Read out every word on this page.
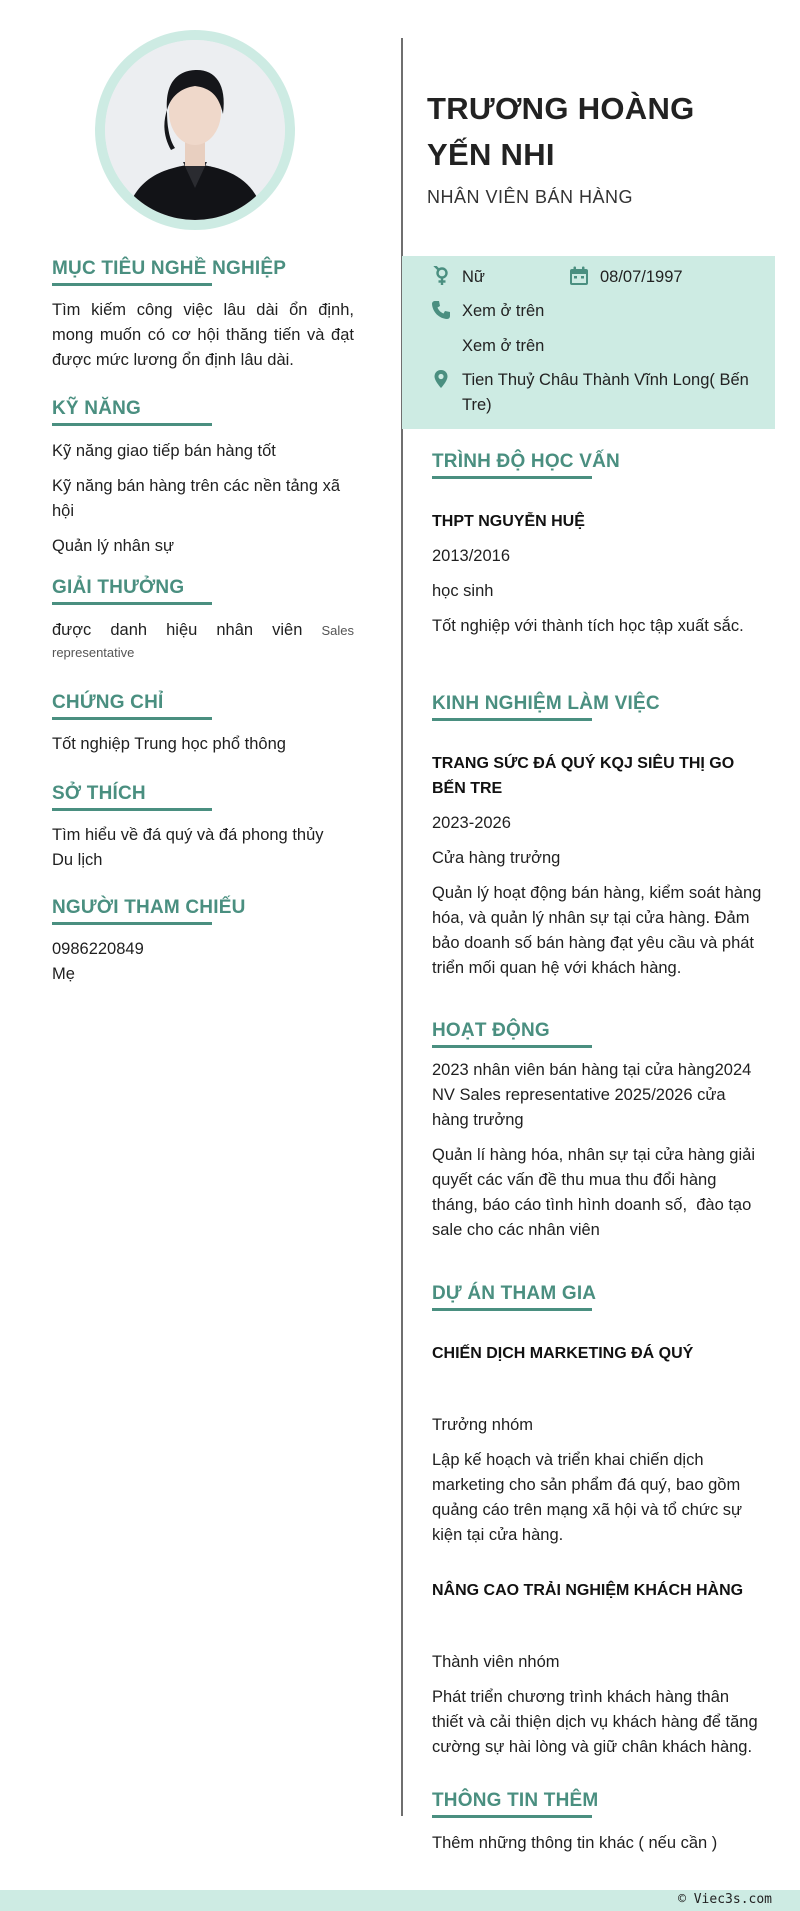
MỤC TIÊU NGHỀ NGHIỆP
Tìm kiếm công việc lâu dài ổn định, mong muốn có cơ hội thăng tiến và đạt được mức lương ổn định lâu dài.
KỸ NĂNG
Kỹ năng giao tiếp bán hàng tốt
Kỹ năng bán hàng trên các nền tảng xã hội
Quản lý nhân sự
GIẢI THƯỞNG
được danh hiệu nhân viên Sales
representative
CHỨNG CHỈ
Tốt nghiệp Trung học phổ thông
SỞ THÍCH
Tìm hiểu về đá quý và đá phong thủy
Du lịch
NGƯỜI THAM CHIẾU
0986220849
Mẹ
TRƯƠNG HOÀNG YẾN NHI
NHÂN VIÊN BÁN HÀNG
Nữ	08/07/1997
Xem ở trên
Xem ở trên
Tien Thuỷ Châu Thành Vĩnh Long( Bến Tre)
TRÌNH ĐỘ HỌC VẤN
THPT NGUYỄN HUỆ
2013/2016
học sinh
Tốt nghiệp với thành tích học tập xuất sắc.
KINH NGHIỆM LÀM VIỆC
TRANG SỨC ĐÁ QUÝ KQJ SIÊU THỊ GO BẾN TRE
2023-2026
Cửa hàng trưởng
Quản lý hoạt động bán hàng, kiểm soát hàng hóa, và quản lý nhân sự tại cửa hàng. Đảm bảo doanh số bán hàng đạt yêu cầu và phát triển mối quan hệ với khách hàng.
HOẠT ĐỘNG
2023 nhân viên bán hàng tại cửa hàng2024 NV Sales representative 2025/2026 cửa hàng trưởng
Quản lí hàng hóa, nhân sự tại cửa hàng giải quyết các vấn đề thu mua thu đổi hàng tháng, báo cáo tình hình doanh số,  đào tạo sale cho các nhân viên
DỰ ÁN THAM GIA
CHIẾN DỊCH MARKETING ĐÁ QUÝ
Trưởng nhóm
Lập kế hoạch và triển khai chiến dịch marketing cho sản phẩm đá quý, bao gồm quảng cáo trên mạng xã hội và tổ chức sự kiện tại cửa hàng.
NÂNG CAO TRẢI NGHIỆM KHÁCH HÀNG
Thành viên nhóm
Phát triển chương trình khách hàng thân thiết và cải thiện dịch vụ khách hàng để tăng cường sự hài lòng và giữ chân khách hàng.
THÔNG TIN THÊM
Thêm những thông tin khác ( nếu cần )
© Viec3s.com
